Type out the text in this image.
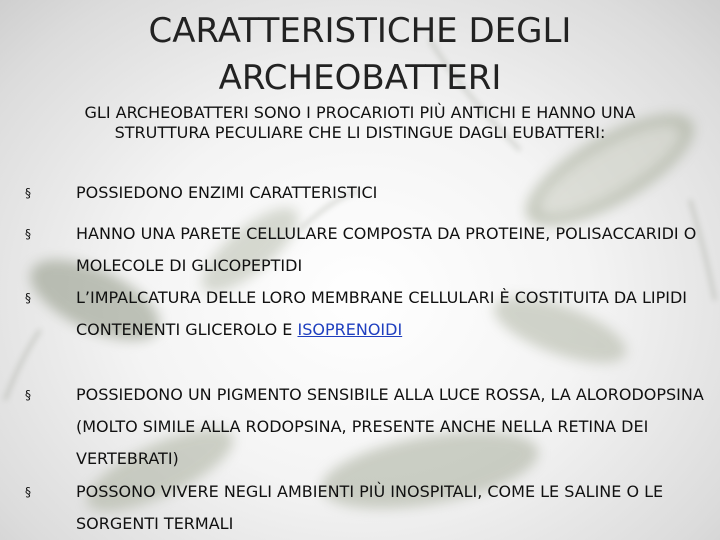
CARATTERISTICHE DEGLI ARCHEOBATTERI
GLI ARCHEOBATTERI SONO I PROCARIOTI PIÙ ANTICHI E HANNO UNA STRUTTURA PECULIARE CHE LI DISTINGUE DAGLI EUBATTERI:
§	POSSIEDONO ENZIMI CARATTERISTICI
§	HANNO UNA PARETE CELLULARE COMPOSTA DA PROTEINE, POLISACCARIDI O MOLECOLE DI GLICOPEPTIDI
§	L’IMPALCATURA DELLE LORO MEMBRANE CELLULARI È COSTITUITA DA LIPIDI CONTENENTI GLICEROLO E ISOPRENOIDI
§	POSSIEDONO UN PIGMENTO SENSIBILE ALLA LUCE ROSSA, LA ALORODOPSINA (MOLTO SIMILE ALLA RODOPSINA, PRESENTE ANCHE NELLA RETINA DEI VERTEBRATI)
§	POSSONO VIVERE NEGLI AMBIENTI PIÙ INOSPITALI, COME LE SALINE O LE SORGENTI TERMALI
